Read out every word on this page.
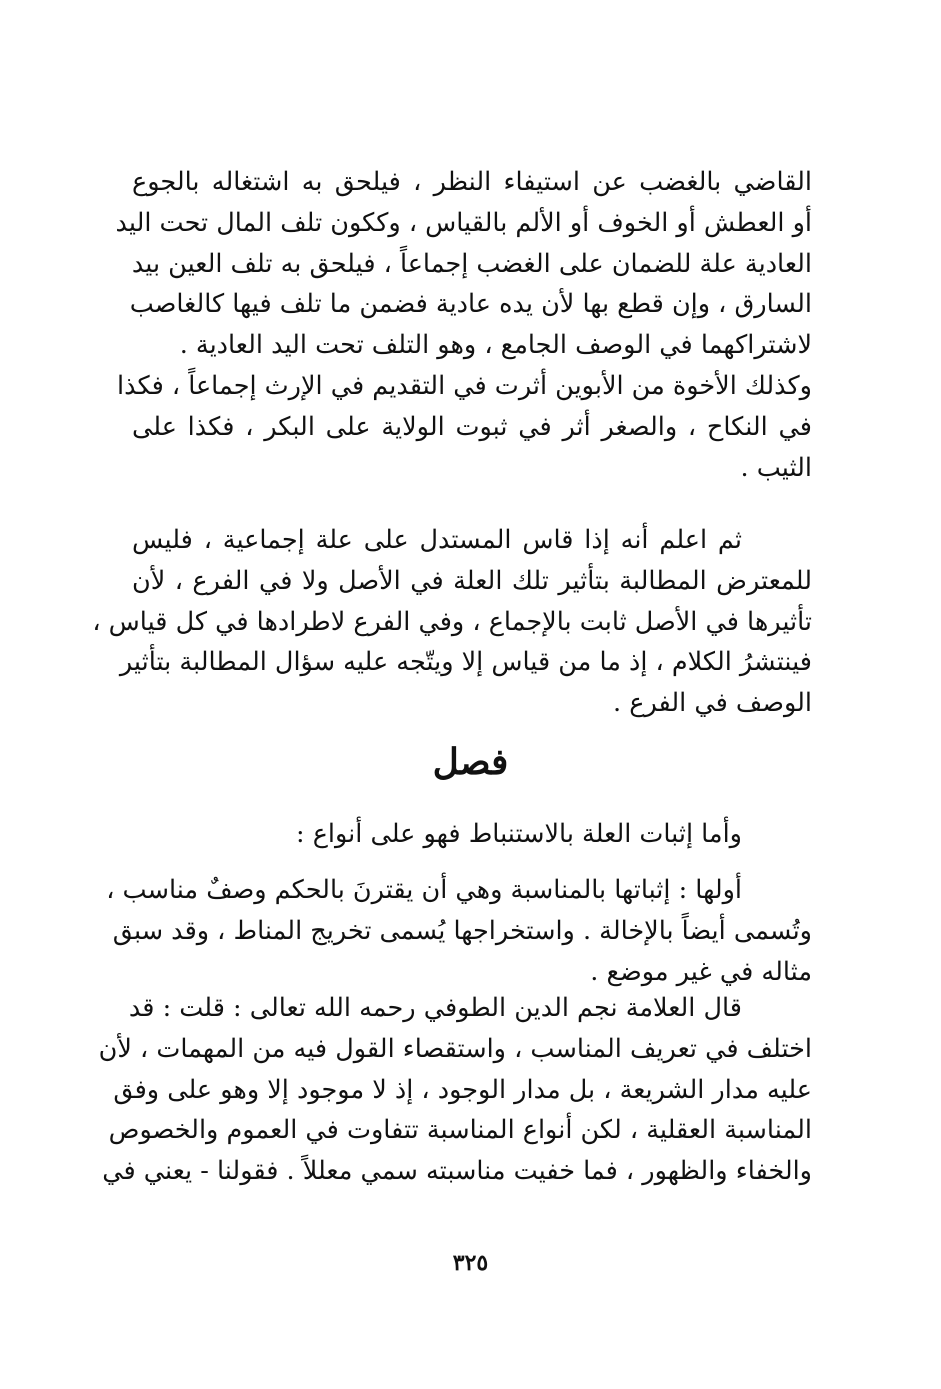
القاضي بالغضب عن استيفاء النظر ، فيلحق به اشتغاله بالجوع
أو العطش أو الخوف أو الألم بالقياس ، وككون تلف المال تحت اليد
العادية علة للضمان على الغضب إجماعاً ، فيلحق به تلف العين بيد
السارق ، وإن قطع بها لأن يده عادية فضمن ما تلف فيها كالغاصب
لاشتراكهما في الوصف الجامع ، وهو التلف تحت اليد العادية .
وكذلك الأخوة من الأبوين أثرت في التقديم في الإرث إجماعاً ، فكذا
في النكاح ، والصغر أثر في ثبوت الولاية على البكر ، فكذا على
الثيب .
ثم اعلم أنه إذا قاس المستدل على علة إجماعية ، فليس
للمعترض المطالبة بتأثير تلك العلة في الأصل ولا في الفرع ، لأن
تأثيرها في الأصل ثابت بالإجماع ، وفي الفرع لاطرادها في كل قياس ،
فينتشرُ الكلام ، إذ ما من قياس إلا ويتّجه عليه سؤال المطالبة بتأثير
الوصف في الفرع .
فصل
وأما إثبات العلة بالاستنباط فهو على أنواع :
أولها : إثباتها بالمناسبة وهي أن يقترنَ بالحكم وصفٌ مناسب ،
وتُسمى أيضاً بالإخالة . واستخراجها يُسمى تخريج المناط ، وقد سبق
مثاله في غير موضع .
قال العلامة نجم الدين الطوفي رحمه الله تعالى : قلت : قد
اختلف في تعريف المناسب ، واستقصاء القول فيه من المهمات ، لأن
عليه مدار الشريعة ، بل مدار الوجود ، إذ لا موجود إلا وهو على وفق
المناسبة العقلية ، لكن أنواع المناسبة تتفاوت في العموم والخصوص
والخفاء والظهور ، فما خفيت مناسبته سمي معللاً . فقولنا - يعني في
٣٢٥
